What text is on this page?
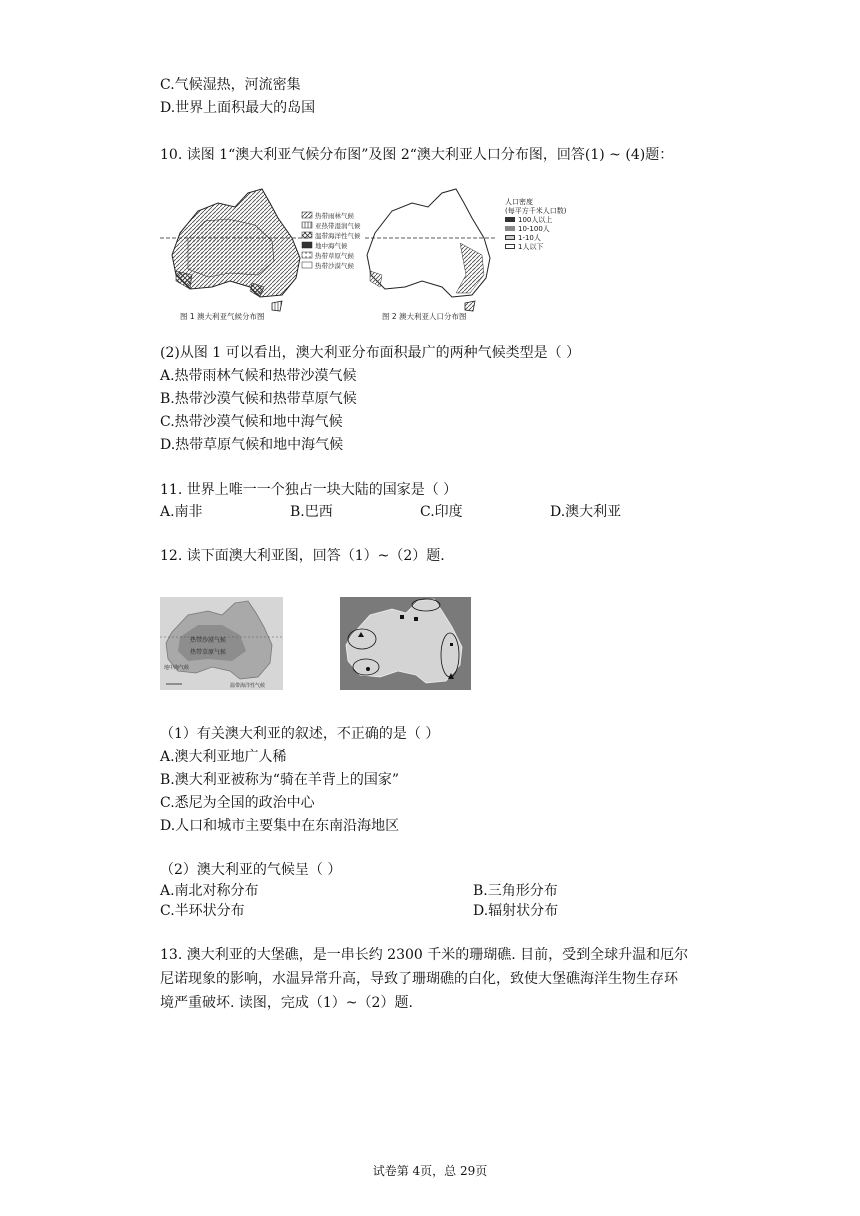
C.气候湿热，河流密集
D.世界上面积最大的岛国
10. 读图 1“澳大利亚气候分布图”及图 2“澳大利亚人口分布图，回答(1) ~ (4)题：
热带雨林气候
亚热带湿润气候
温带海洋性气候
地中海气候
热带草原气候
热带沙漠气候
图 1 澳大利亚气候分布图	图 2 澳大利亚人口分布图
人口密度
(每平方千米人口数)
100人以上
10-100人
1-10人
1人以下
(2)从图 1 可以看出，澳大利亚分布面积最广的两种气候类型是（ ）
A.热带雨林气候和热带沙漠气候
B.热带沙漠气候和热带草原气候
C.热带沙漠气候和地中海气候
D.热带草原气候和地中海气候
11. 世界上唯一一个独占一块大陆的国家是（ ）
A.南非	B.巴西	C.印度	D.澳大利亚
12. 读下面澳大利亚图，回答（1）~（2）题.
热带沙漠气候
热带草原气候
地中海气候
温带海洋性气候
（1）有关澳大利亚的叙述，不正确的是（ ）
A.澳大利亚地广人稀
B.澳大利亚被称为“骑在羊背上的国家”
C.悉尼为全国的政治中心
D.人口和城市主要集中在东南沿海地区
（2）澳大利亚的气候呈（ ）
A.南北对称分布	B.三角形分布
C.半环状分布	D.辐射状分布
13. 澳大利亚的大堡礁，是一串长约 2300 千米的珊瑚礁. 目前，受到全球升温和厄尔
尼诺现象的影响，水温异常升高，导致了珊瑚礁的白化，致使大堡礁海洋生物生存环
境严重破坏. 读图，完成（1）~（2）题.
试卷第 4页，总 29页
